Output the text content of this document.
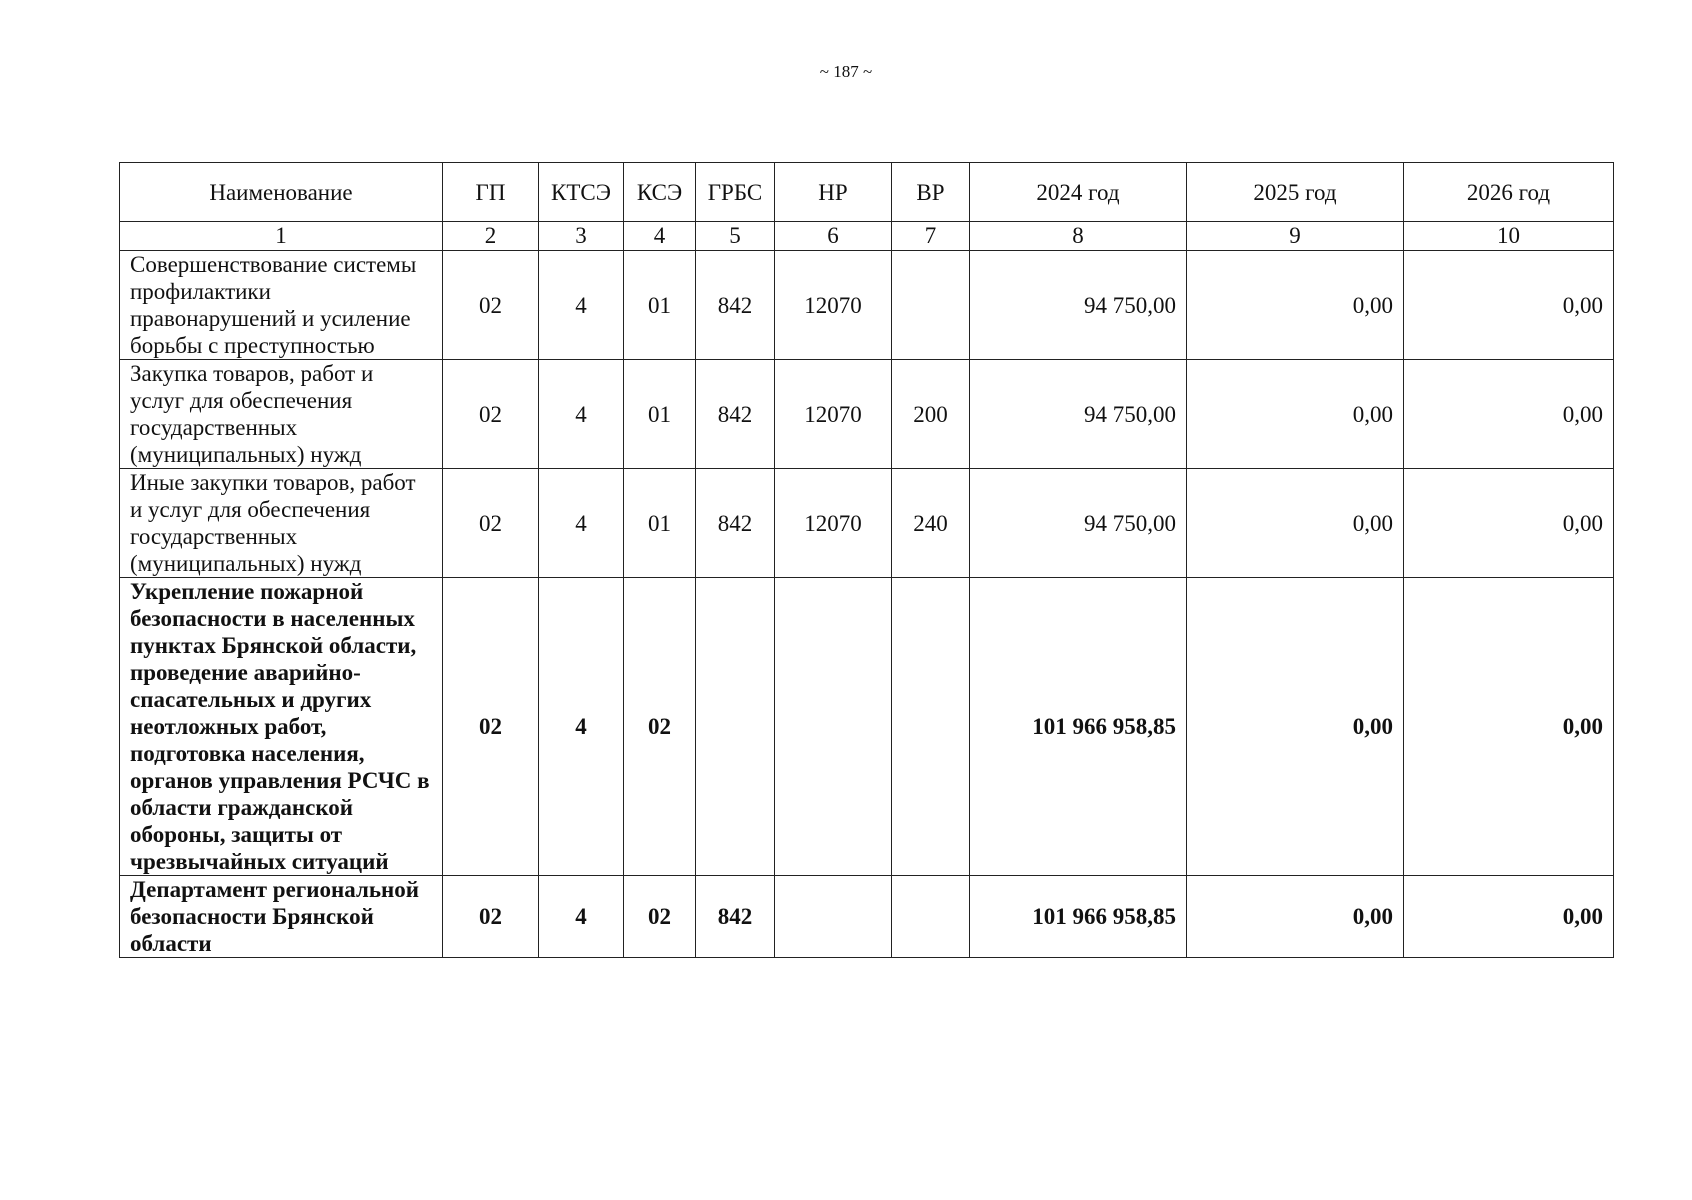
~ 187 ~
Наименование	ГП	КТСЭ	КСЭ	ГРБС	НР	ВР	2024 год	2025 год	2026 год
1	2	3	4	5	6	7	8	9	10
Совершенствование системы профилактики правонарушений и усиление борьбы с преступностью	02	4	01	842	12070		94 750,00	0,00	0,00
Закупка товаров, работ и услуг для обеспечения государственных (муниципальных) нужд	02	4	01	842	12070	200	94 750,00	0,00	0,00
Иные закупки товаров, работ и услуг для обеспечения государственных (муниципальных) нужд	02	4	01	842	12070	240	94 750,00	0,00	0,00
Укрепление пожарной безопасности в населенных пунктах Брянской области, проведение аварийно-спасательных и других неотложных работ, подготовка населения, органов управления РСЧС в области гражданской обороны, защиты от чрезвычайных ситуаций	02	4	02				101 966 958,85	0,00	0,00
Департамент региональной безопасности Брянской области	02	4	02	842			101 966 958,85	0,00	0,00
